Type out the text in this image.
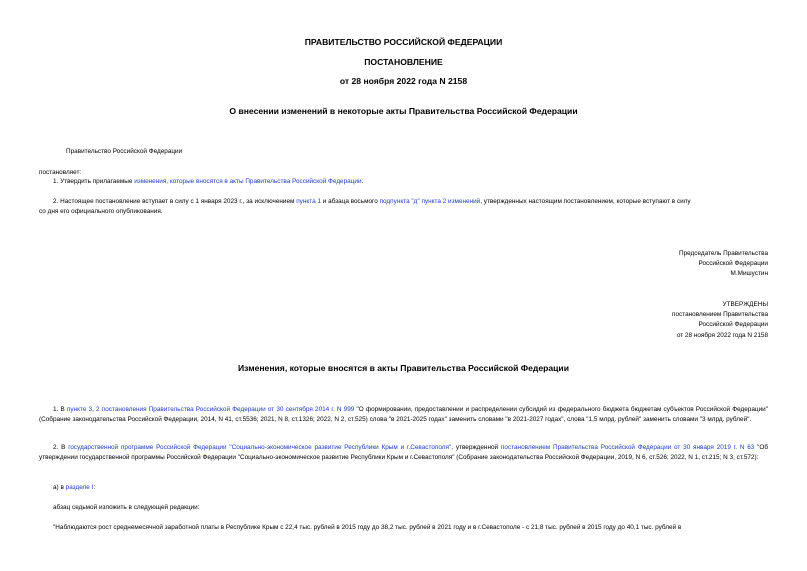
ПРАВИТЕЛЬСТВО РОССИЙСКОЙ ФЕДЕРАЦИИ
ПОСТАНОВЛЕНИЕ
от 28 ноября 2022 года N 2158
О внесении изменений в некоторые акты Правительства Российской Федерации
Правительство Российской Федерации
постановляет:
1. Утвердить прилагаемые изменения, которые вносятся в акты Правительства Российской Федерации.
2. Настоящее постановление вступает в силу с 1 января 2023 г., за исключением пункта 1 и абзаца восьмого подпункта "д" пункта 2 изменений, утвержденных настоящим постановлением, которые вступают в силу
со дня его официального опубликования.
Председатель Правительства
Российской Федерации
М.Мишустин
УТВЕРЖДЕНЫ
постановлением Правительства
Российской Федерации
от 28 ноября 2022 года N 2158
Изменения, которые вносятся в акты Правительства Российской Федерации
1. В пункте 3, 2 постановления Правительства Российской Федерации от 30 сентября 2014 г. N 999 "О формировании, предоставлении и распределении субсидий из федерального бюджета бюджетам субъектов Российской Федерации" (Собрание законодательства Российской Федерации, 2014, N 41, ст.5536; 2021, N 8, ст.1326; 2022, N 2, ст.525) слова "в 2021-2025 годах" заменить словами "в 2021-2027 годах", слова "1,5 млрд. рублей" заменить словами "3 млрд. рублей".
2. В государственной программе Российской Федерации "Социально-экономическое развитие Республики Крым и г.Севастополя", утвержденной постановлением Правительства Российской Федерации от 30 января 2019 г. N 63 "Об утверждении государственной программы Российской Федерации "Социально-экономическое развитие Республики Крым и г.Севастополя" (Собрание законодательства Российской Федерации, 2019, N 6, ст.526; 2022, N 1, ст.215; N 3, ст.572):
а) в разделе I:
абзац седьмой изложить в следующей редакции:
"Наблюдаются рост среднемесячной заработной платы в Республике Крым с 22,4 тыс. рублей в 2015 году до 38,2 тыс. рублей в 2021 году и в г.Севастополе - с 21,8 тыс. рублей в 2015 году до 40,1 тыс. рублей в
